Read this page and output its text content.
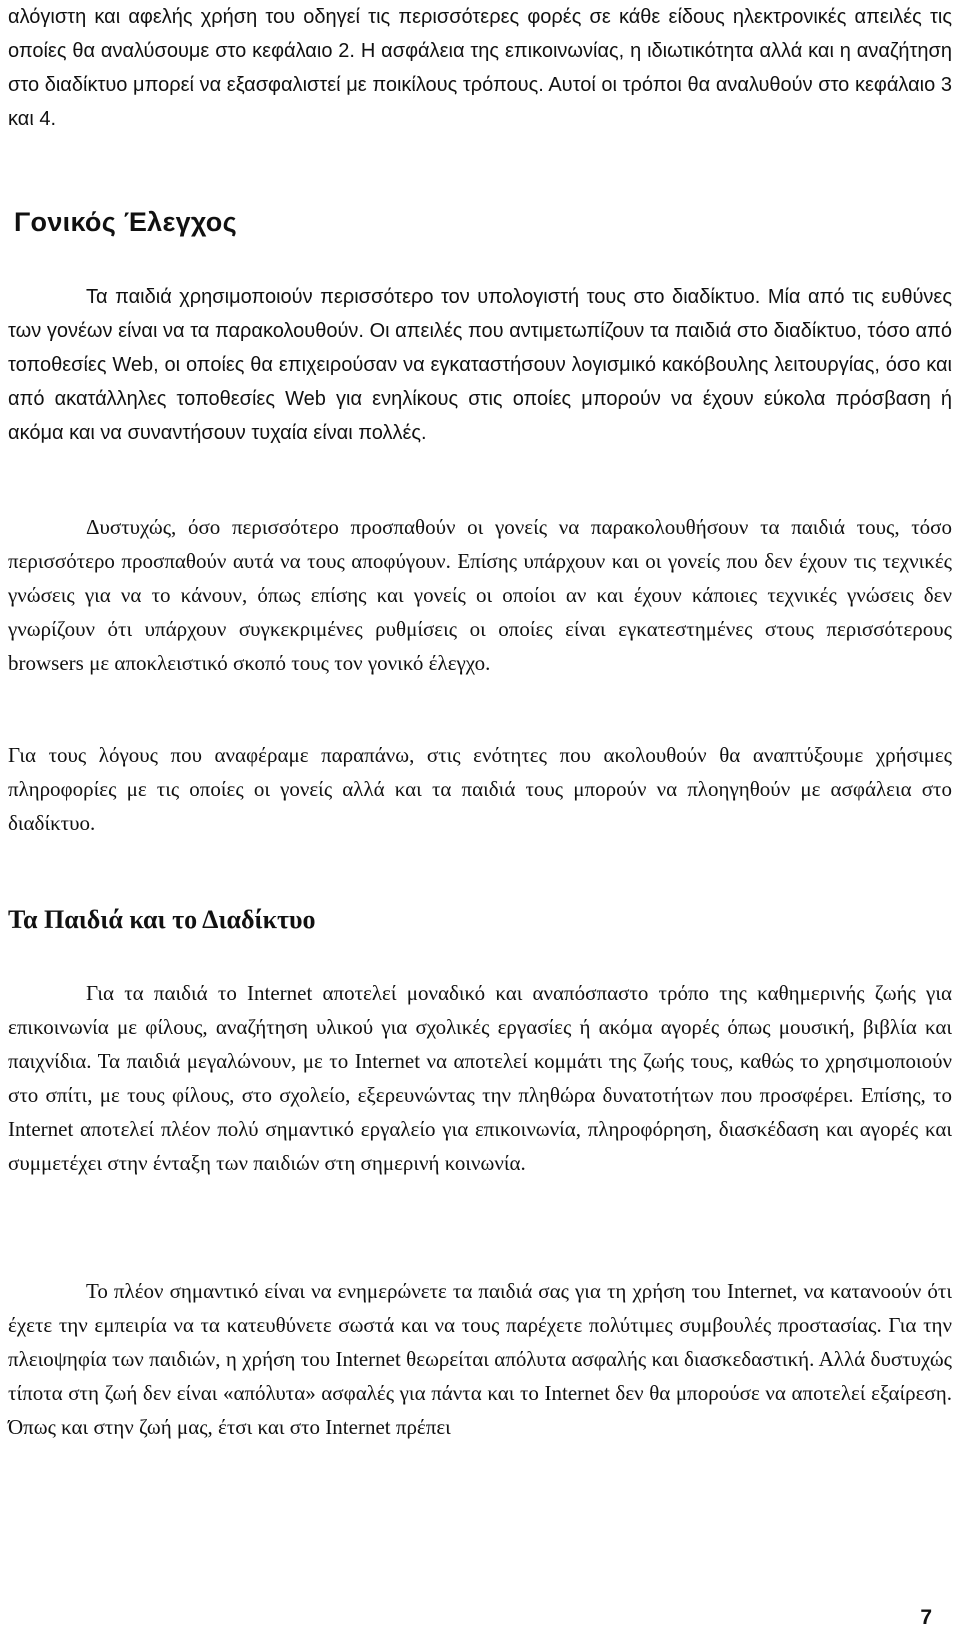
αλόγιστη και αφελής χρήση του οδηγεί τις περισσότερες φορές σε κάθε είδους ηλεκτρονικές απειλές τις οποίες θα αναλύσουμε στο κεφάλαιο 2. Η ασφάλεια της επικοινωνίας, η ιδιωτικότητα αλλά και η αναζήτηση στο διαδίκτυο μπορεί να εξασφαλιστεί με ποικίλους τρόπους. Αυτοί οι τρόποι θα αναλυθούν στο κεφάλαιο 3 και 4.

Γονικός Έλεγχος

Τα παιδιά χρησιμοποιούν περισσότερο τον υπολογιστή τους στο διαδίκτυο. Μία από τις ευθύνες των γονέων είναι να τα παρακολουθούν. Οι απειλές που αντιμετωπίζουν τα παιδιά στο διαδίκτυο, τόσο από τοποθεσίες Web, οι οποίες θα επιχειρούσαν να εγκαταστήσουν λογισμικό κακόβουλης λειτουργίας, όσο και από ακατάλληλες τοποθεσίες Web για ενηλίκους στις οποίες μπορούν να έχουν εύκολα πρόσβαση ή ακόμα και να συναντήσουν τυχαία είναι πολλές.

Δυστυχώς, όσο περισσότερο προσπαθούν οι γονείς να παρακολουθήσουν τα παιδιά τους, τόσο περισσότερο προσπαθούν αυτά να τους αποφύγουν. Επίσης υπάρχουν και οι γονείς που δεν έχουν τις τεχνικές γνώσεις για να το κάνουν, όπως επίσης και γονείς οι οποίοι αν και έχουν κάποιες τεχνικές γνώσεις δεν γνωρίζουν ότι υπάρχουν συγκεκριμένες ρυθμίσεις οι οποίες είναι εγκατεστημένες στους περισσότερους browsers με αποκλειστικό σκοπό τους τον γονικό έλεγχο.

Για τους λόγους που αναφέραμε παραπάνω, στις ενότητες που ακολουθούν θα αναπτύξουμε χρήσιμες πληροφορίες με τις οποίες οι γονείς αλλά και τα παιδιά τους μπορούν να πλοηγηθούν με ασφάλεια στο διαδίκτυο.

Τα Παιδιά και το Διαδίκτυο

Για τα παιδιά το Internet αποτελεί μοναδικό και αναπόσπαστο τρόπο της καθημερινής ζωής για επικοινωνία με φίλους, αναζήτηση υλικού για σχολικές εργασίες ή ακόμα αγορές όπως μουσική, βιβλία και παιχνίδια. Τα παιδιά μεγαλώνουν, με το Internet να αποτελεί κομμάτι της ζωής τους, καθώς το χρησιμοποιούν στο σπίτι, με τους φίλους, στο σχολείο, εξερευνώντας την πληθώρα δυνατοτήτων που προσφέρει. Επίσης, το Internet αποτελεί πλέον πολύ σημαντικό εργαλείο για επικοινωνία, πληροφόρηση, διασκέδαση και αγορές και συμμετέχει στην ένταξη των παιδιών στη σημερινή κοινωνία.

Το πλέον σημαντικό είναι να ενημερώνετε τα παιδιά σας για τη χρήση του Internet, να κατανοούν ότι έχετε την εμπειρία να τα κατευθύνετε σωστά και να τους παρέχετε πολύτιμες συμβουλές προστασίας. Για την πλειοψηφία των παιδιών, η χρήση του Internet θεωρείται απόλυτα ασφαλής και διασκεδαστική. Αλλά δυστυχώς τίποτα στη ζωή δεν είναι «απόλυτα» ασφαλές για πάντα και το Internet δεν θα μπορούσε να αποτελεί εξαίρεση. Όπως και στην ζωή μας, έτσι και στο Internet πρέπει

7
